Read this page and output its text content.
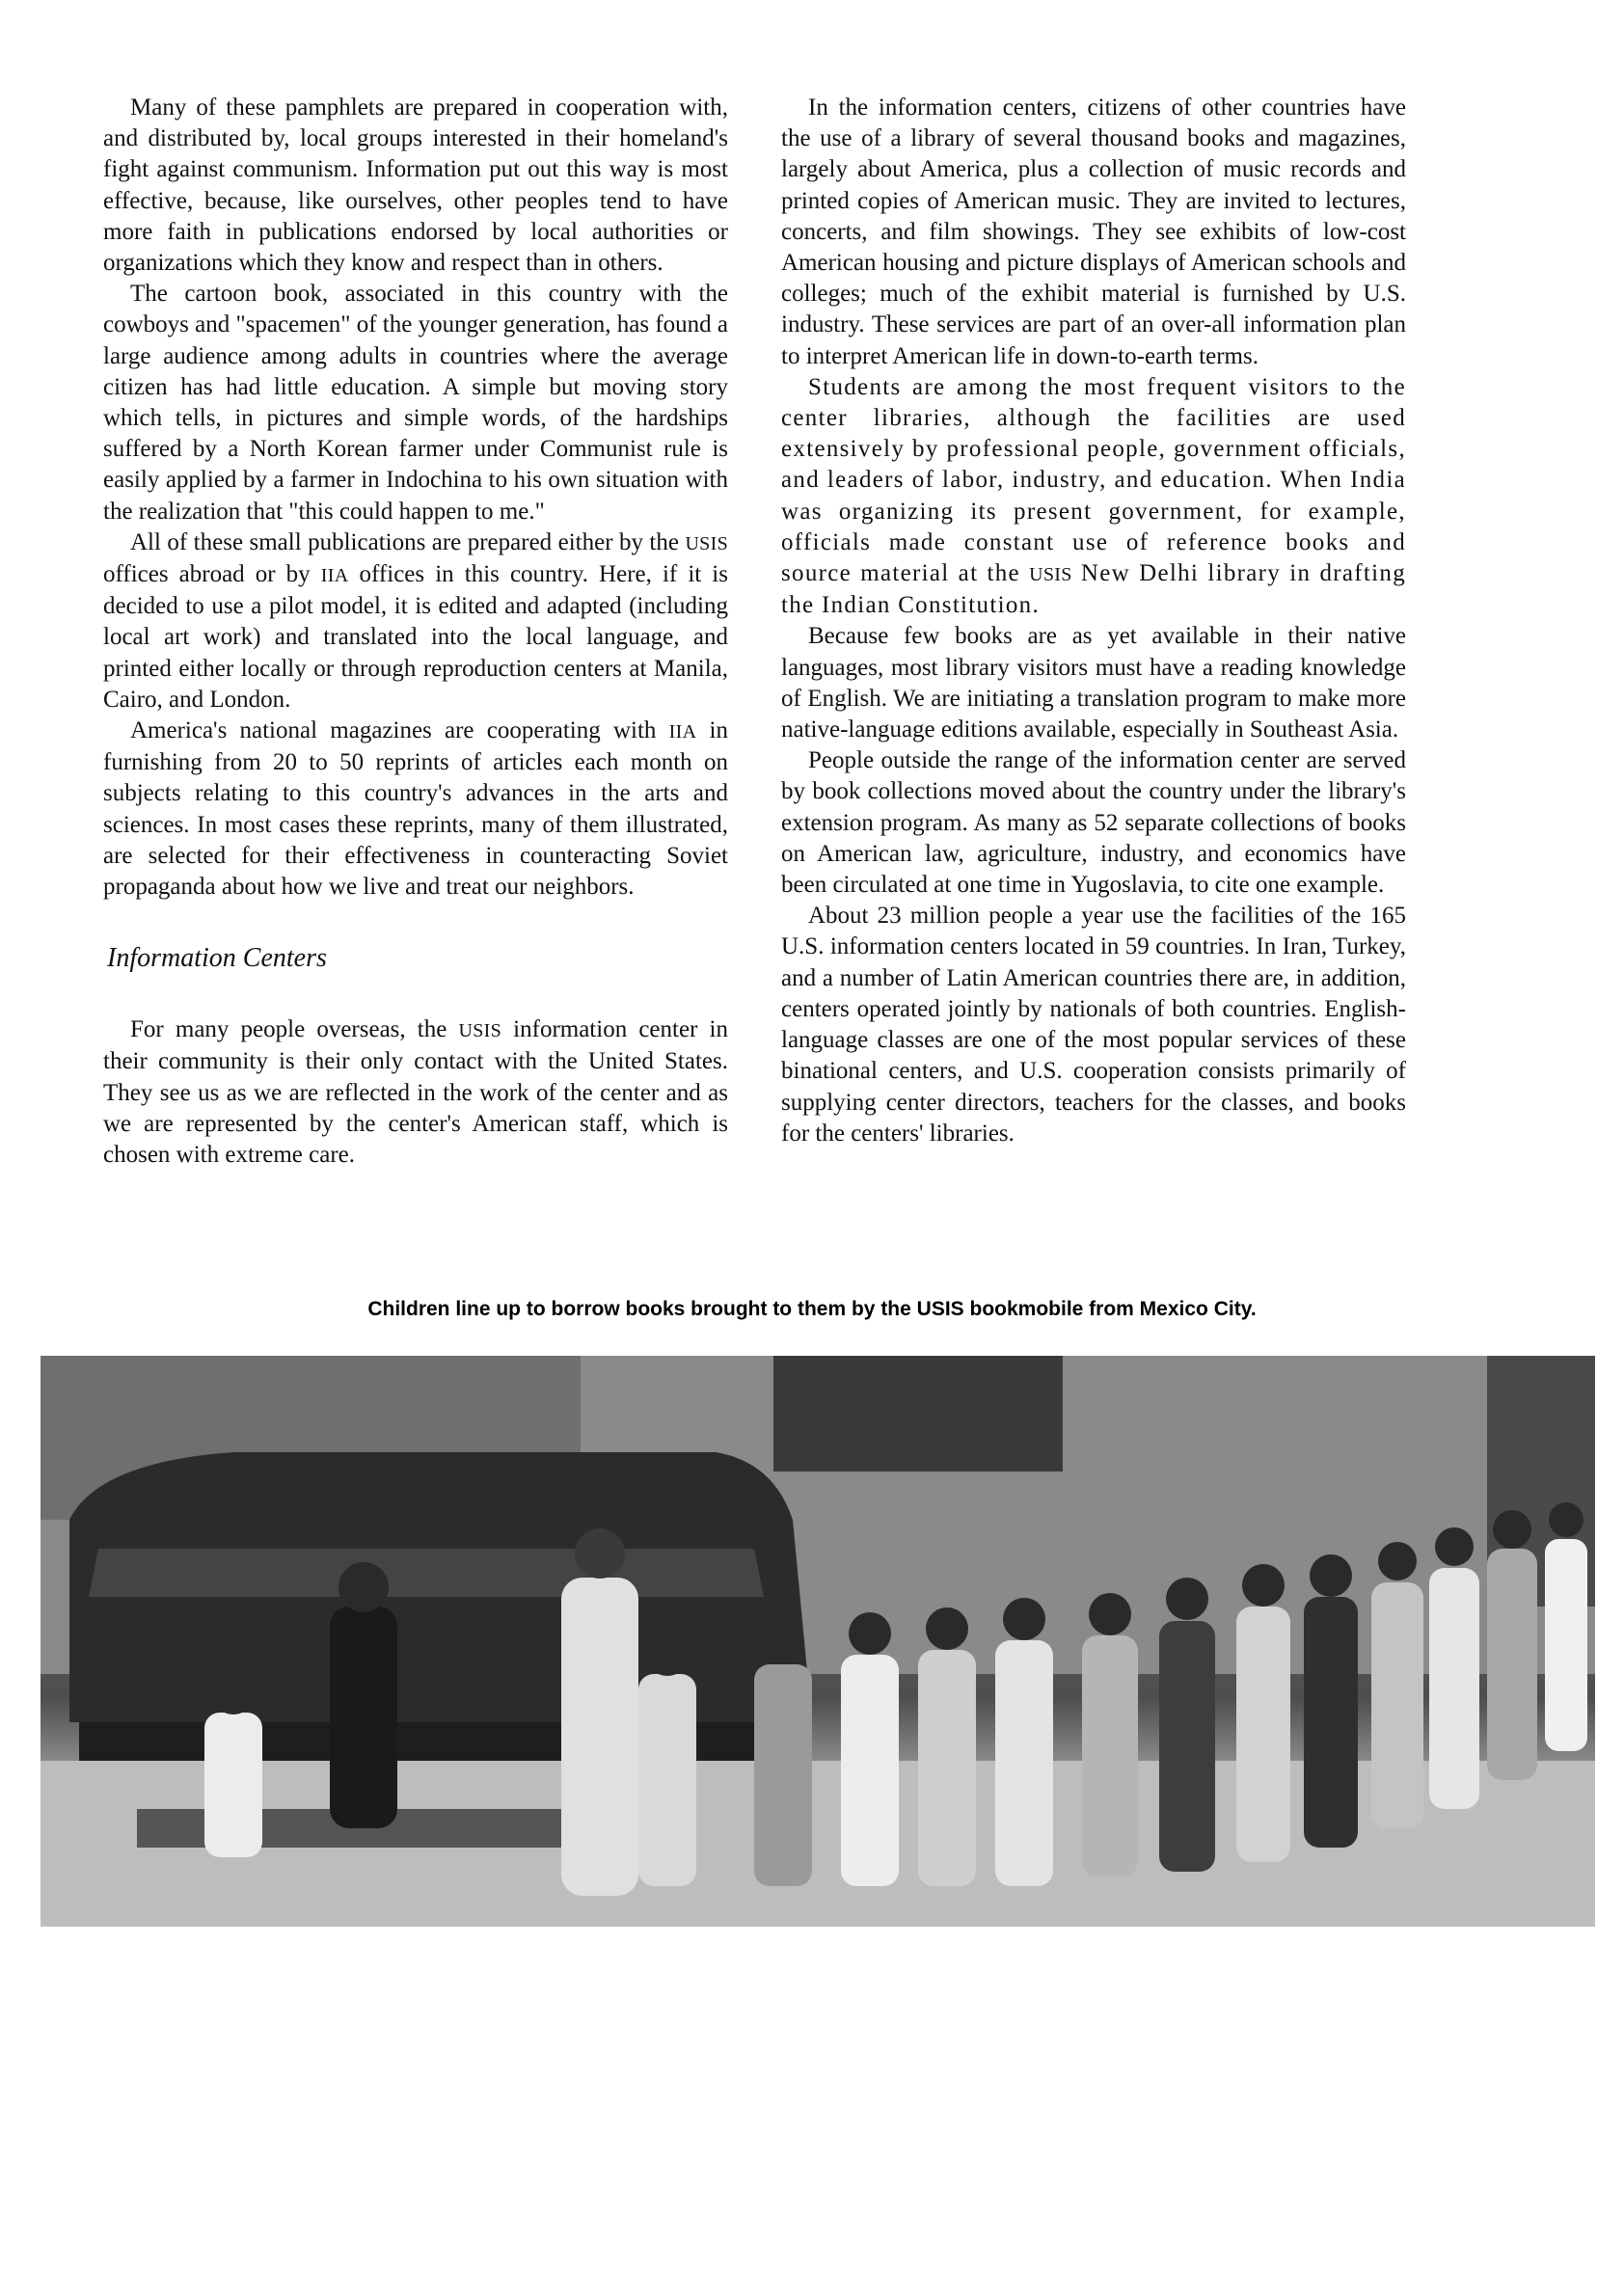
Many of these pamphlets are prepared in cooperation with, and distributed by, local groups interested in their homeland's fight against communism. Information put out this way is most effective, because, like ourselves, other peoples tend to have more faith in publications endorsed by local authorities or organizations which they know and respect than in others.

The cartoon book, associated in this country with the cowboys and "spacemen" of the younger generation, has found a large audience among adults in countries where the average citizen has had little education. A simple but moving story which tells, in pictures and simple words, of the hardships suffered by a North Korean farmer under Communist rule is easily applied by a farmer in Indochina to his own situation with the realization that "this could happen to me."

All of these small publications are prepared either by the USIS offices abroad or by IIA offices in this country. Here, if it is decided to use a pilot model, it is edited and adapted (including local art work) and translated into the local language, and printed either locally or through reproduction centers at Manila, Cairo, and London.

America's national magazines are cooperating with IIA in furnishing from 20 to 50 reprints of articles each month on subjects relating to this country's advances in the arts and sciences. In most cases these reprints, many of them illustrated, are selected for their effectiveness in counteracting Soviet propaganda about how we live and treat our neighbors.

Information Centers

For many people overseas, the USIS information center in their community is their only contact with the United States. They see us as we are reflected in the work of the center and as we are represented by the center's American staff, which is chosen with extreme care.

In the information centers, citizens of other countries have the use of a library of several thousand books and magazines, largely about America, plus a collection of music records and printed copies of American music. They are invited to lectures, concerts, and film showings. They see exhibits of low-cost American housing and picture displays of American schools and colleges; much of the exhibit material is furnished by U.S. industry. These services are part of an over-all information plan to interpret American life in down-to-earth terms.

Students are among the most frequent visitors to the center libraries, although the facilities are used extensively by professional people, government officials, and leaders of labor, industry, and education. When India was organizing its present government, for example, officials made constant use of reference books and source material at the USIS New Delhi library in drafting the Indian Constitution.

Because few books are as yet available in their native languages, most library visitors must have a reading knowledge of English. We are initiating a translation program to make more native-language editions available, especially in Southeast Asia.

People outside the range of the information center are served by book collections moved about the country under the library's extension program. As many as 52 separate collections of books on American law, agriculture, industry, and economics have been circulated at one time in Yugoslavia, to cite one example.

About 23 million people a year use the facilities of the 165 U.S. information centers located in 59 countries. In Iran, Turkey, and a number of Latin American countries there are, in addition, centers operated jointly by nationals of both countries. English-language classes are one of the most popular services of these binational centers, and U.S. cooperation consists primarily of supplying center directors, teachers for the classes, and books for the centers' libraries.

Children line up to borrow books brought to them by the USIS bookmobile from Mexico City.
